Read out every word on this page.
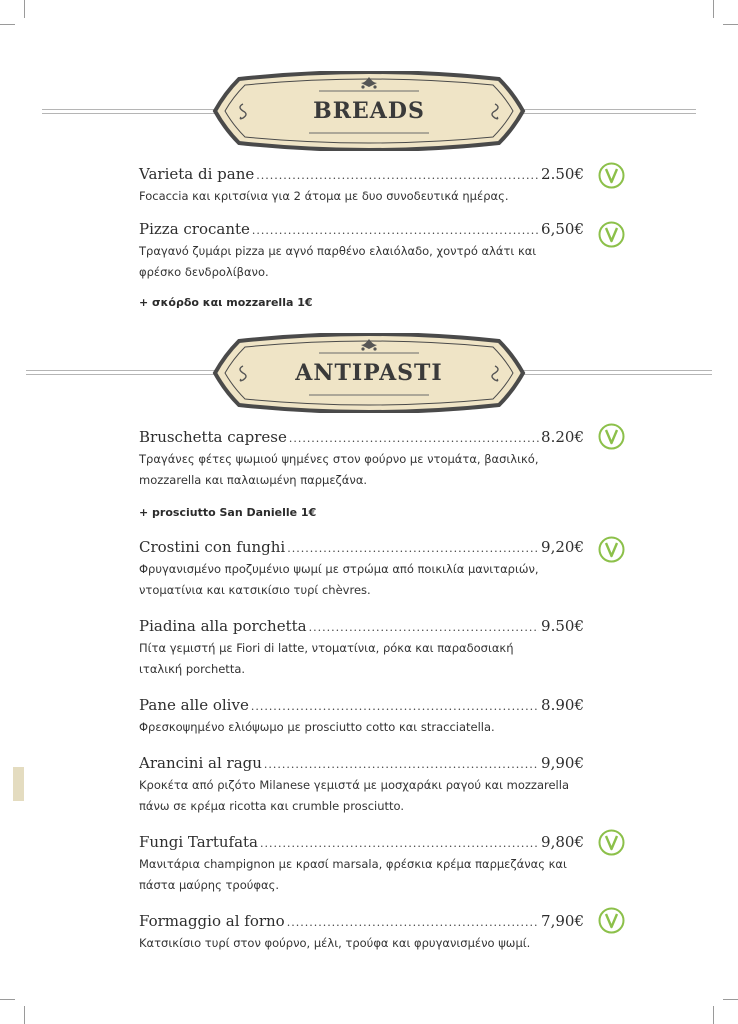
BREADS
Varieta di pane .....	2.50€
Focaccia και κριτσίνια για 2 άτομα με δυο συνοδευτικά ημέρας.
Pizza crocante .....	6,50€
Τραγανό ζυμάρι pizza με αγνό παρθένο ελαιόλαδο, χοντρό αλάτι και φρέσκο δενδρολίβανο.
+ σκόρδο και mozzarella 1€
ANTIPASTI
Bruschetta caprese .....	8.20€
Τραγάνες φέτες ψωμιού ψημένες στον φούρνο με ντομάτα, βασιλικό, mozzarella και παλαιωμένη παρμεζάνα.
+ prosciutto San Danielle 1€
Crostini con funghi .....	9,20€
Φρυγανισμένο προζυμένιο ψωμί με στρώμα από ποικιλία μανιταριών, ντοματίνια και κατσικίσιο τυρί chèvres.
Piadina alla porchetta .....	9.50€
Πίτα γεμιστή με Fiori di latte, ντοματίνια, ρόκα και παραδοσιακή ιταλική porchetta.
Pane alle olive .....	8.90€
Φρεσκοψημένο ελιόψωμο με prosciutto cotto και stracciatella.
Arancini al ragu .....	9,90€
Κροκέτα από ριζότο Milanese γεμιστά με μοσχαράκι ραγού και mozzarella πάνω σε κρέμα ricotta και crumble prosciutto.
Fungi Tartufata .....	9,80€
Μανιτάρια champignon με κρασί marsala, φρέσκια κρέμα παρμεζάνας και πάστα μαύρης τρούφας.
Formaggio al forno .....	7,90€
Κατσικίσιο τυρί στον φούρνο, μέλι, τρούφα και φρυγανισμένο ψωμί.
